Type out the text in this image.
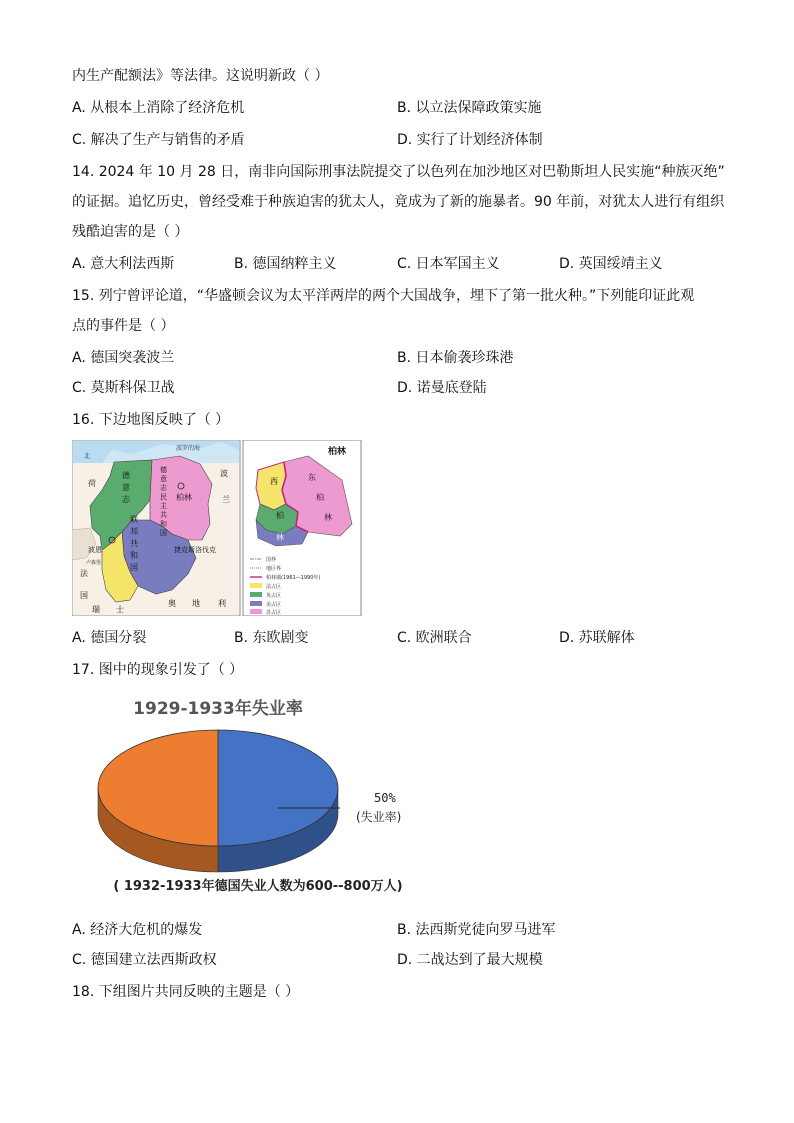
内生产配额法》等法律。这说明新政（ ）
A. 从根本上消除了经济危机	B. 以立法保障政策实施
C. 解决了生产与销售的矛盾	D. 实行了计划经济体制
14. 2024 年 10 月 28 日，南非向国际刑事法院提交了以色列在加沙地区对巴勒斯坦人民实施“种族灭绝”
的证据。追忆历史，曾经受难于种族迫害的犹太人，竟成为了新的施暴者。90 年前，对犹太人进行有组织
残酷迫害的是（ ）
A. 意大利法西斯	B. 德国纳粹主义	C. 日本军国主义	D. 英国绥靖主义
15. 列宁曾评论道，“华盛顿会议为太平洋两岸的两个大国战争，埋下了第一批火种。”下列能印证此观
点的事件是（ ）
A. 德国突袭波兰	B. 日本偷袭珍珠港
C. 莫斯科保卫战	D. 诺曼底登陆
16. 下边地图反映了（ ）
波罗的海
北
荷
德
意
志
联
邦
共
和
国
德
意
志
民
主
共
和
国
柏林
波
兰
波恩
卢森堡
法
国
捷克斯洛伐克
奥 地 利
瑞 士
柏林
西
柏
林
东
柏
林
国界
地区界
柏林墙(1961—1990年)
法占区
英占区
美占区
苏占区
A. 德国分裂	B. 东欧剧变	C. 欧洲联合	D. 苏联解体
17. 图中的现象引发了（ ）
1929-1933年失业率
50%
(失业率)
( 1932-1933年德国失业人数为600--800万人)
A. 经济大危机的爆发	B. 法西斯党徒向罗马进军
C. 德国建立法西斯政权	D. 二战达到了最大规模
18. 下组图片共同反映的主题是（ ）
